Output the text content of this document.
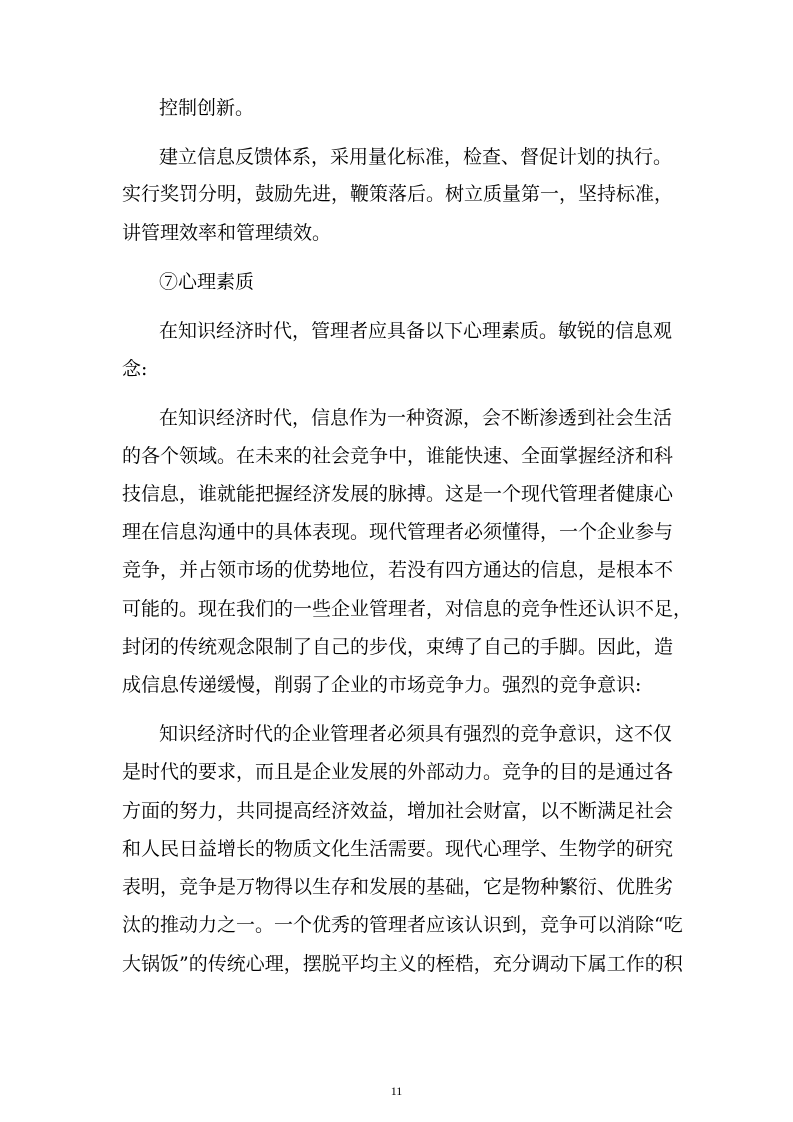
控制创新。
建立信息反馈体系，采用量化标准，检查、督促计划的执行。
实行奖罚分明，鼓励先进，鞭策落后。树立质量第一，坚持标准，
讲管理效率和管理绩效。
⑦心理素质
在知识经济时代，管理者应具备以下心理素质。敏锐的信息观
念:
在知识经济时代，信息作为一种资源，会不断渗透到社会生活
的各个领域。在未来的社会竞争中，谁能快速、全面掌握经济和科
技信息，谁就能把握经济发展的脉搏。这是一个现代管理者健康心
理在信息沟通中的具体表现。现代管理者必须懂得，一个企业参与
竞争，并占领市场的优势地位，若没有四方通达的信息，是根本不
可能的。现在我们的一些企业管理者，对信息的竞争性还认识不足，
封闭的传统观念限制了自己的步伐，束缚了自己的手脚。因此，造
成信息传递缓慢，削弱了企业的市场竞争力。强烈的竞争意识:
知识经济时代的企业管理者必须具有强烈的竞争意识，这不仅
是时代的要求，而且是企业发展的外部动力。竞争的目的是通过各
方面的努力，共同提高经济效益，增加社会财富，以不断满足社会
和人民日益增长的物质文化生活需要。现代心理学、生物学的研究
表明，竞争是万物得以生存和发展的基础，它是物种繁衍、优胜劣
汰的推动力之一。一个优秀的管理者应该认识到，竞争可以消除“吃
大锅饭”的传统心理，摆脱平均主义的桎梏，充分调动下属工作的积
11
